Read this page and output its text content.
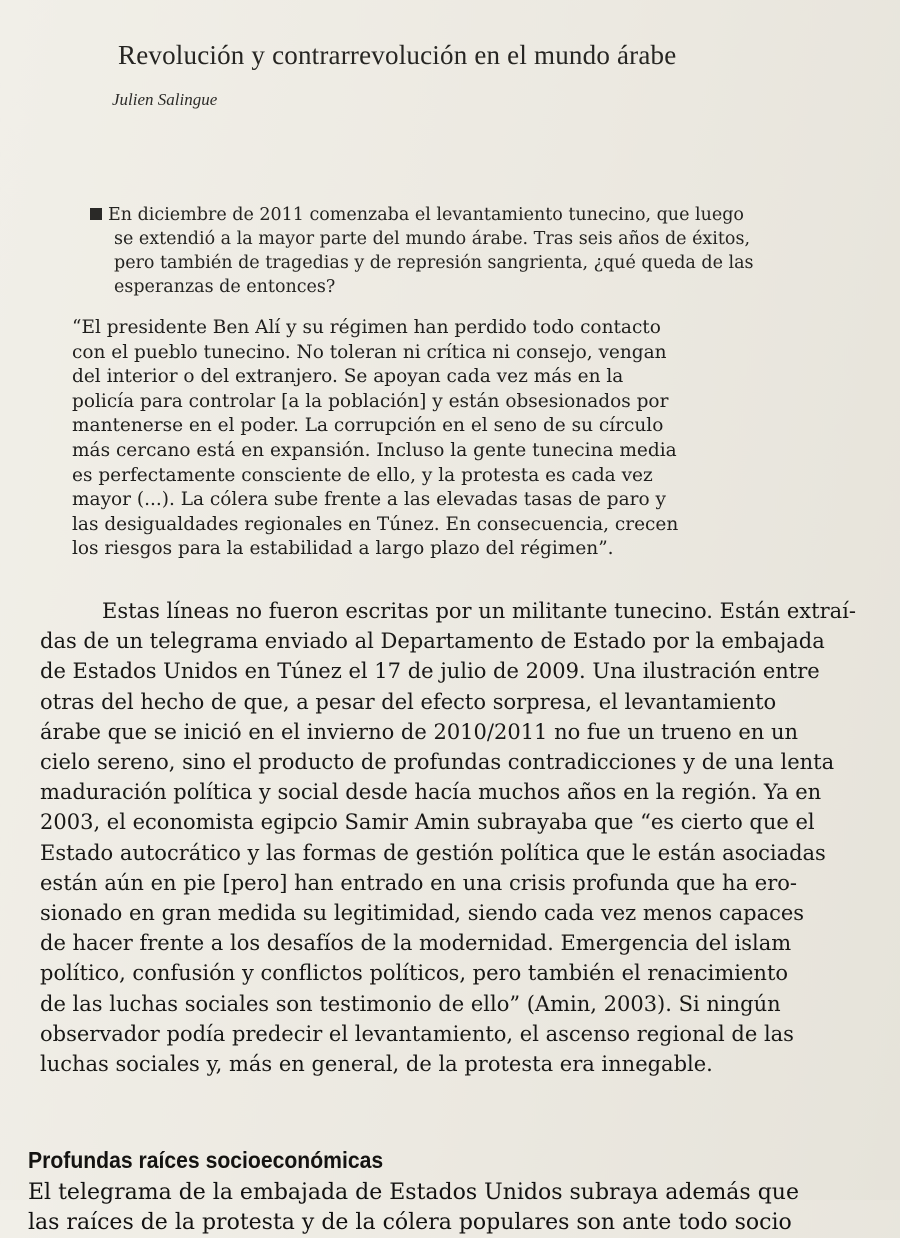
Revolución y contrarrevolución en el mundo árabe
Julien Salingue
En diciembre de 2011 comenzaba el levantamiento tunecino, que luego
se extendió a la mayor parte del mundo árabe. Tras seis años de éxitos,
pero también de tragedias y de represión sangrienta, ¿qué queda de las
esperanzas de entonces?
“El presidente Ben Alí y su régimen han perdido todo contacto
con el pueblo tunecino. No toleran ni crítica ni consejo, vengan
del interior o del extranjero. Se apoyan cada vez más en la
policía para controlar [a la población] y están obsesionados por
mantenerse en el poder. La corrupción en el seno de su círculo
más cercano está en expansión. Incluso la gente tunecina media
es perfectamente consciente de ello, y la protesta es cada vez
mayor (...). La cólera sube frente a las elevadas tasas de paro y
las desigualdades regionales en Túnez. En consecuencia, crecen
los riesgos para la estabilidad a largo plazo del régimen”.
Estas líneas no fueron escritas por un militante tunecino. Están extraí-
das de un telegrama enviado al Departamento de Estado por la embajada
de Estados Unidos en Túnez el 17 de julio de 2009. Una ilustración entre
otras del hecho de que, a pesar del efecto sorpresa, el levantamiento
árabe que se inició en el invierno de 2010/2011 no fue un trueno en un
cielo sereno, sino el producto de profundas contradicciones y de una lenta
maduración política y social desde hacía muchos años en la región. Ya en
2003, el economista egipcio Samir Amin subrayaba que “es cierto que el
Estado autocrático y las formas de gestión política que le están asociadas
están aún en pie [pero] han entrado en una crisis profunda que ha ero-
sionado en gran medida su legitimidad, siendo cada vez menos capaces
de hacer frente a los desafíos de la modernidad. Emergencia del islam
político, confusión y conflictos políticos, pero también el renacimiento
de las luchas sociales son testimonio de ello” (Amin, 2003). Si ningún
observador podía predecir el levantamiento, el ascenso regional de las
luchas sociales y, más en general, de la protesta era innegable.
Profundas raíces socioeconómicas
El telegrama de la embajada de Estados Unidos subraya además que
las raíces de la protesta y de la cólera populares son ante todo socio
